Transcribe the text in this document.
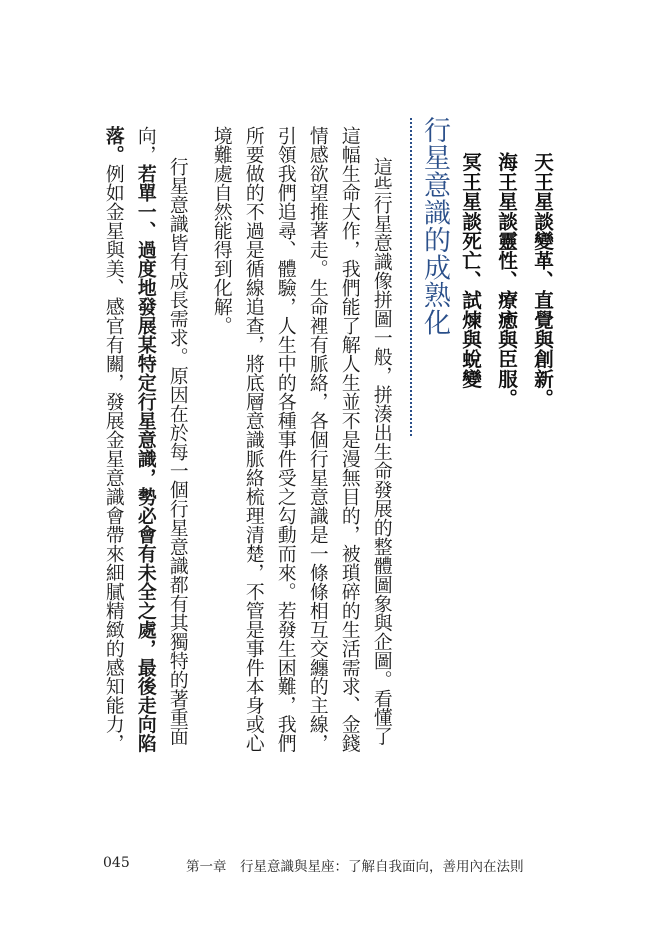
天王星談變革、直覺與創新。
海王星談靈性、療癒與臣服。
冥王星談死亡、試煉與蛻變
行星意識的成熟化
這些行星意識像拼圖一般，拼湊出生命發展的整體圖象與企圖。看懂了
這幅生命大作，我們能了解人生並不是漫無目的，被瑣碎的生活需求、金錢
情感欲望推著走。生命裡有脈絡，各個行星意識是一條條相互交纏的主線，
引領我們追尋、體驗，人生中的各種事件受之勾動而來。若發生困難，我們
所要做的不過是循線追查，將底層意識脈絡梳理清楚，不管是事件本身或心
境難處自然能得到化解。
行星意識皆有成長需求。原因在於每一個行星意識都有其獨特的著重面
向，若單一、過度地發展某特定行星意識，勢必會有未全之處，最後走向陷
落。例如金星與美、感官有關，發展金星意識會帶來細膩精緻的感知能力，
045	第一章　行星意識與星座：了解自我面向，善用內在法則
